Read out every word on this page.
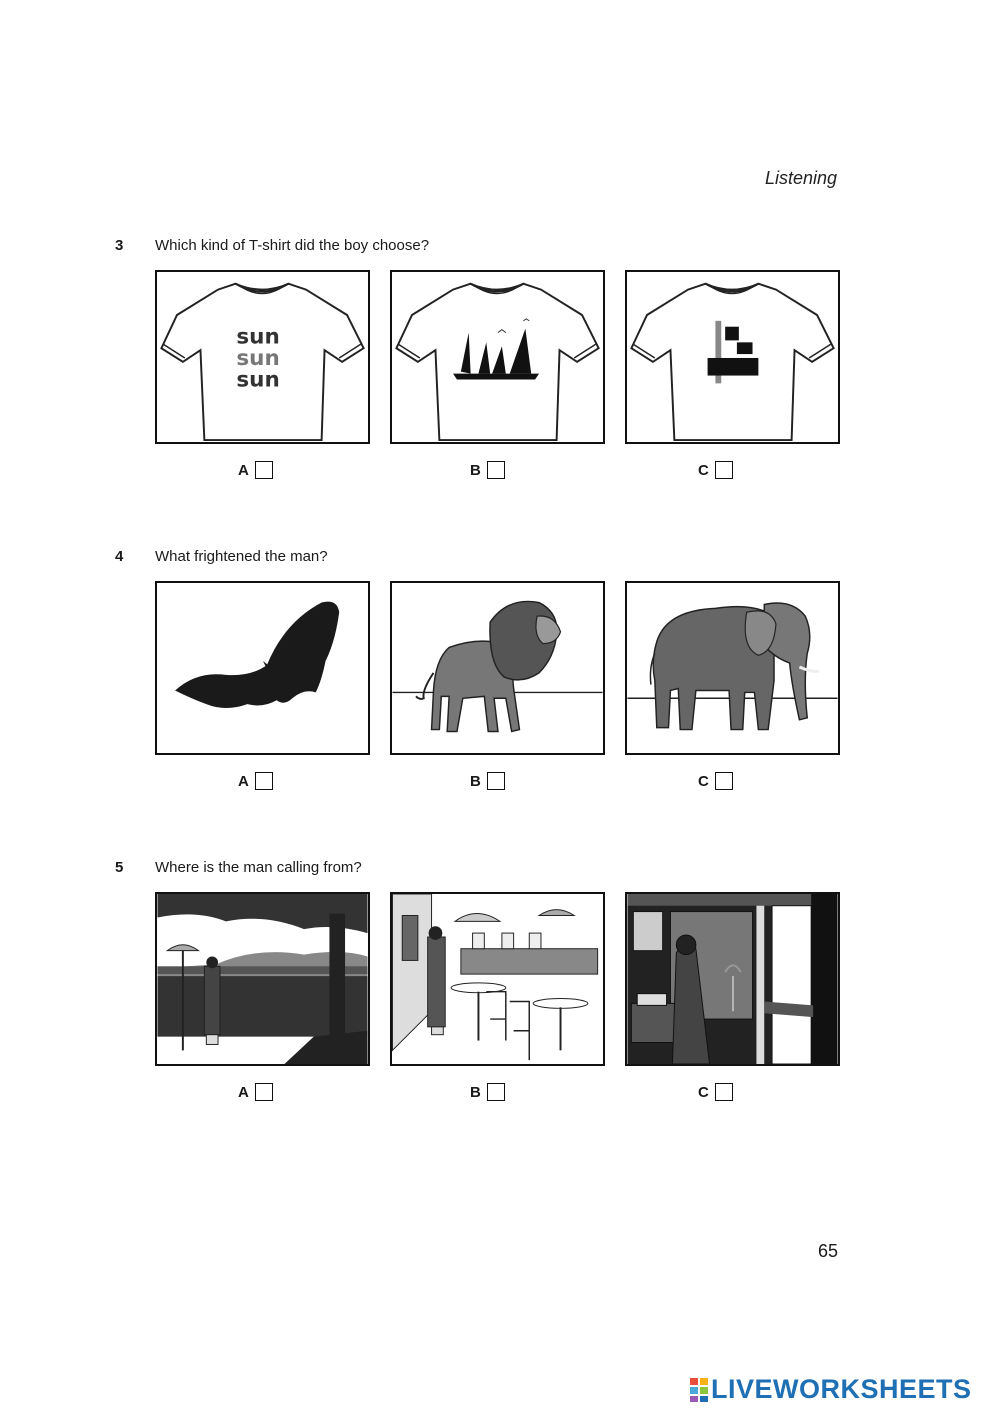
Listening
3 Which kind of T-shirt did the boy choose?
sun
sun
sun
A	B	C
4 What frightened the man?
A	B	C
5 Where is the man calling from?
A	B	C
65
LIVEWORKSHEETS
